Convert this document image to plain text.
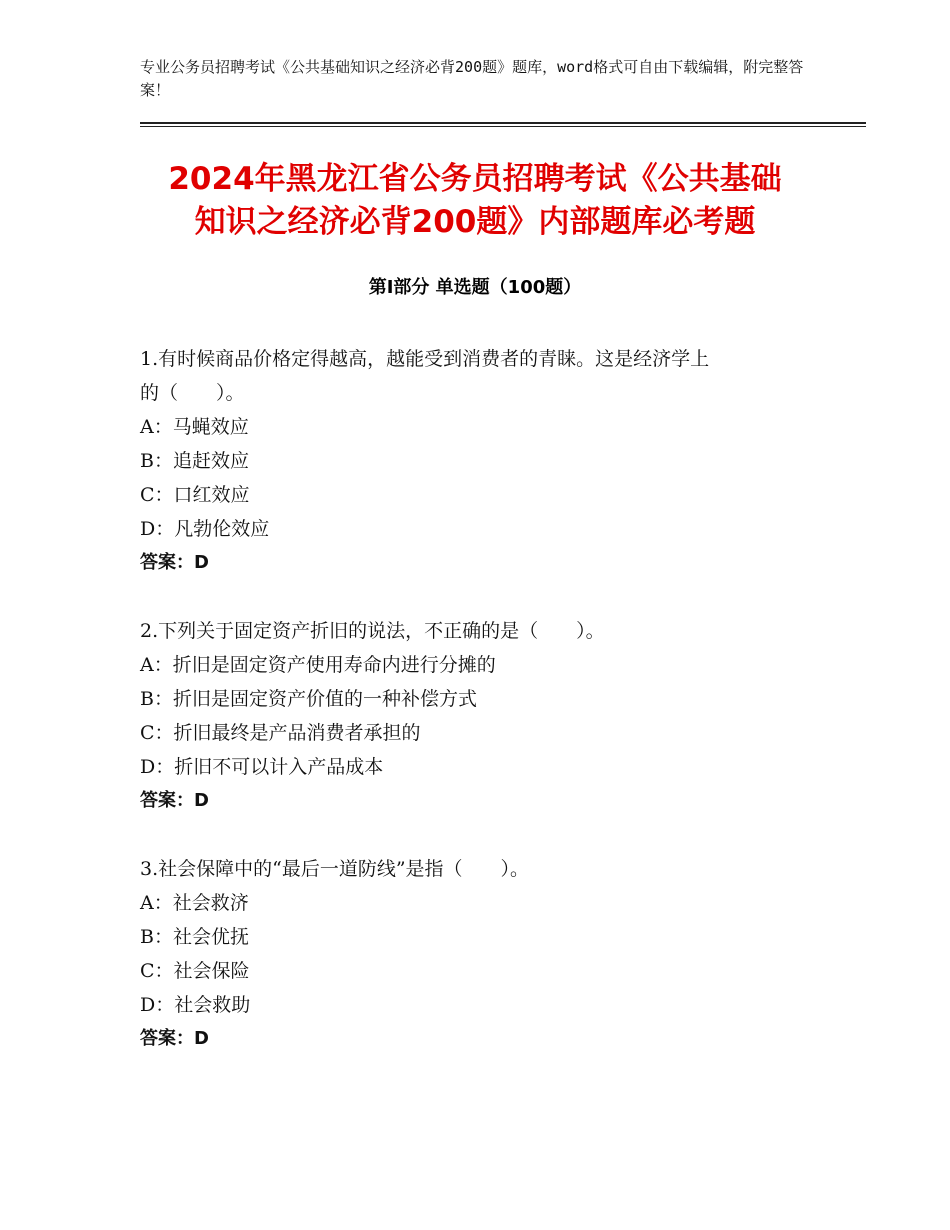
专业公务员招聘考试《公共基础知识之经济必背200题》题库，word格式可自由下载编辑，附完整答案！
2024年黑龙江省公务员招聘考试《公共基础
知识之经济必背200题》内部题库必考题
第I部分 单选题（100题）
1.有时候商品价格定得越高，越能受到消费者的青睐。这是经济学上
的（　　）。
A：马蝇效应
B：追赶效应
C：口红效应
D：凡勃伦效应
答案：D
2.下列关于固定资产折旧的说法，不正确的是（　　）。
A：折旧是固定资产使用寿命内进行分摊的
B：折旧是固定资产价值的一种补偿方式
C：折旧最终是产品消费者承担的
D：折旧不可以计入产品成本
答案：D
3.社会保障中的“最后一道防线”是指（　　）。
A：社会救济
B：社会优抚
C：社会保险
D：社会救助
答案：D
